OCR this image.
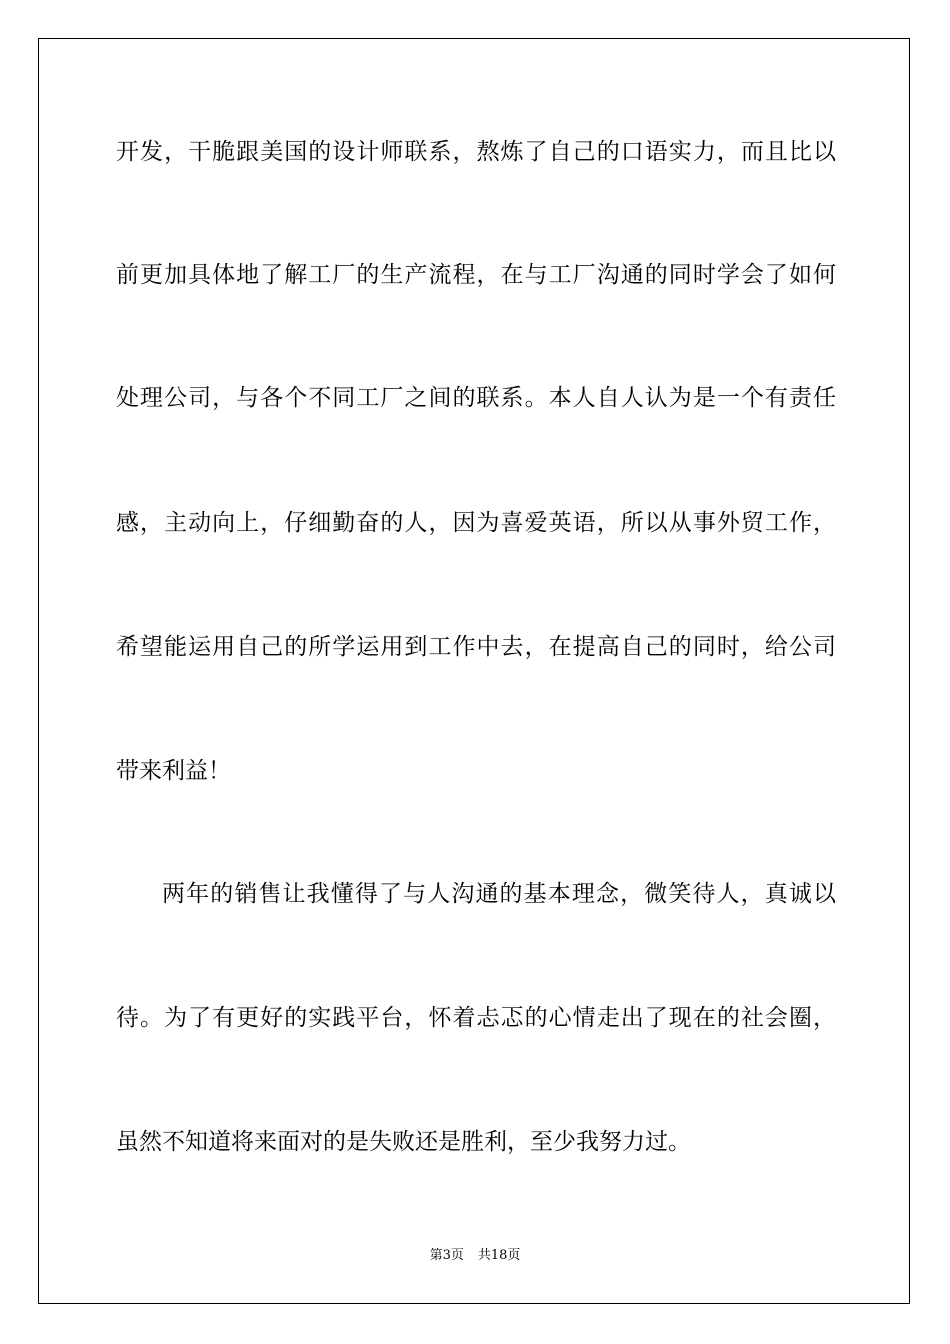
开发，干脆跟美国的设计师联系，熬炼了自己的口语实力，而且比以
前更加具体地了解工厂的生产流程，在与工厂沟通的同时学会了如何
处理公司，与各个不同工厂之间的联系。本人自人认为是一个有责任
感，主动向上，仔细勤奋的人，因为喜爱英语，所以从事外贸工作，
希望能运用自己的所学运用到工作中去，在提高自己的同时，给公司
带来利益！
两年的销售让我懂得了与人沟通的基本理念，微笑待人，真诚以
待。为了有更好的实践平台，怀着忐忑的心情走出了现在的社会圈，
虽然不知道将来面对的是失败还是胜利，至少我努力过。
第3页 共18页
